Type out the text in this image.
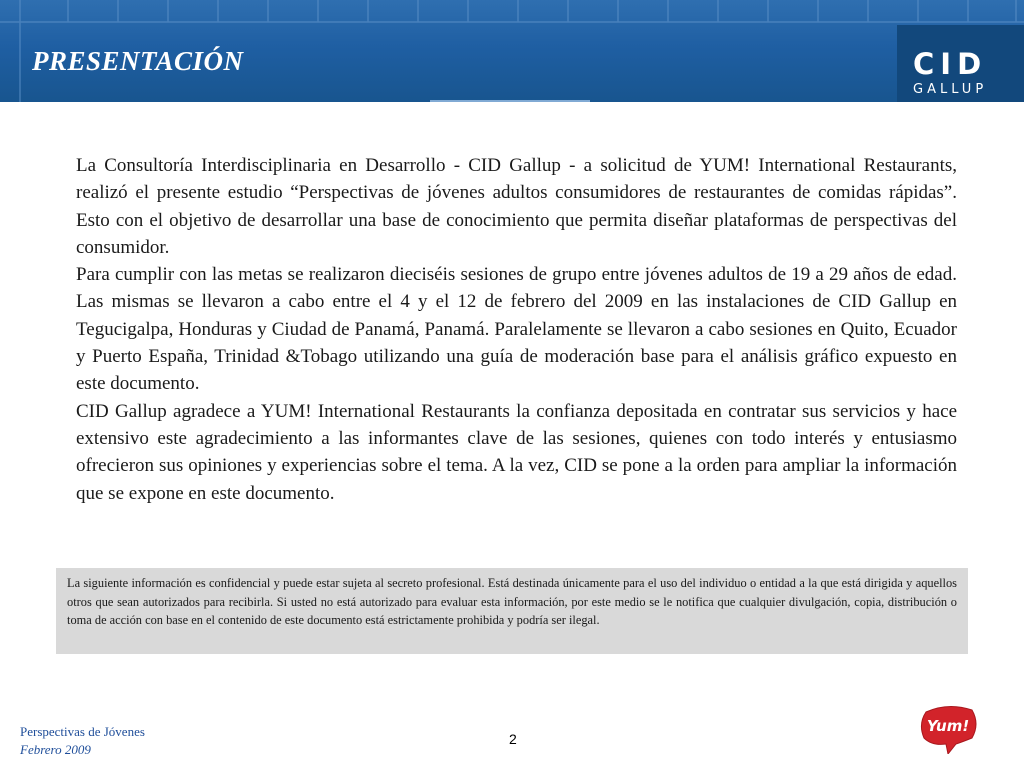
PRESENTACIÓN	CID
GALLUP

La Consultoría Interdisciplinaria en Desarrollo - CID Gallup - a solicitud de YUM! International Restaurants, realizó el presente estudio “Perspectivas de jóvenes adultos consumidores de restaurantes de comidas rápidas”. Esto con el objetivo de desarrollar una base de conocimiento que permita diseñar plataformas de perspectivas del consumidor.

Para cumplir con las metas se realizaron dieciséis sesiones de grupo entre jóvenes adultos de 19 a 29 años de edad. Las mismas se llevaron a cabo entre el 4 y el 12 de febrero del 2009 en las instalaciones de CID Gallup en Tegucigalpa, Honduras y Ciudad de Panamá, Panamá. Paralelamente se llevaron a cabo sesiones en Quito, Ecuador y Puerto España, Trinidad &Tobago utilizando una guía de moderación base para el análisis gráfico expuesto en este documento.

CID Gallup agradece a YUM! International Restaurants la confianza depositada en contratar sus servicios y hace extensivo este agradecimiento a las informantes clave de las sesiones, quienes con todo interés y entusiasmo ofrecieron sus opiniones y experiencias sobre el tema. A la vez, CID se pone a la orden para ampliar la información que se expone en este documento.

La siguiente información es confidencial y puede estar sujeta al secreto profesional. Está destinada únicamente para el uso del individuo o entidad a la que está dirigida y aquellos otros que sean autorizados para recibirla. Si usted no está autorizado para evaluar esta información, por este medio se le notifica que cualquier divulgación, copia, distribución o toma de acción con base en el contenido de este documento está estrictamente prohibida y podría ser ilegal.

Perspectivas de Jóvenes
Febrero 2009
2
Yum!
